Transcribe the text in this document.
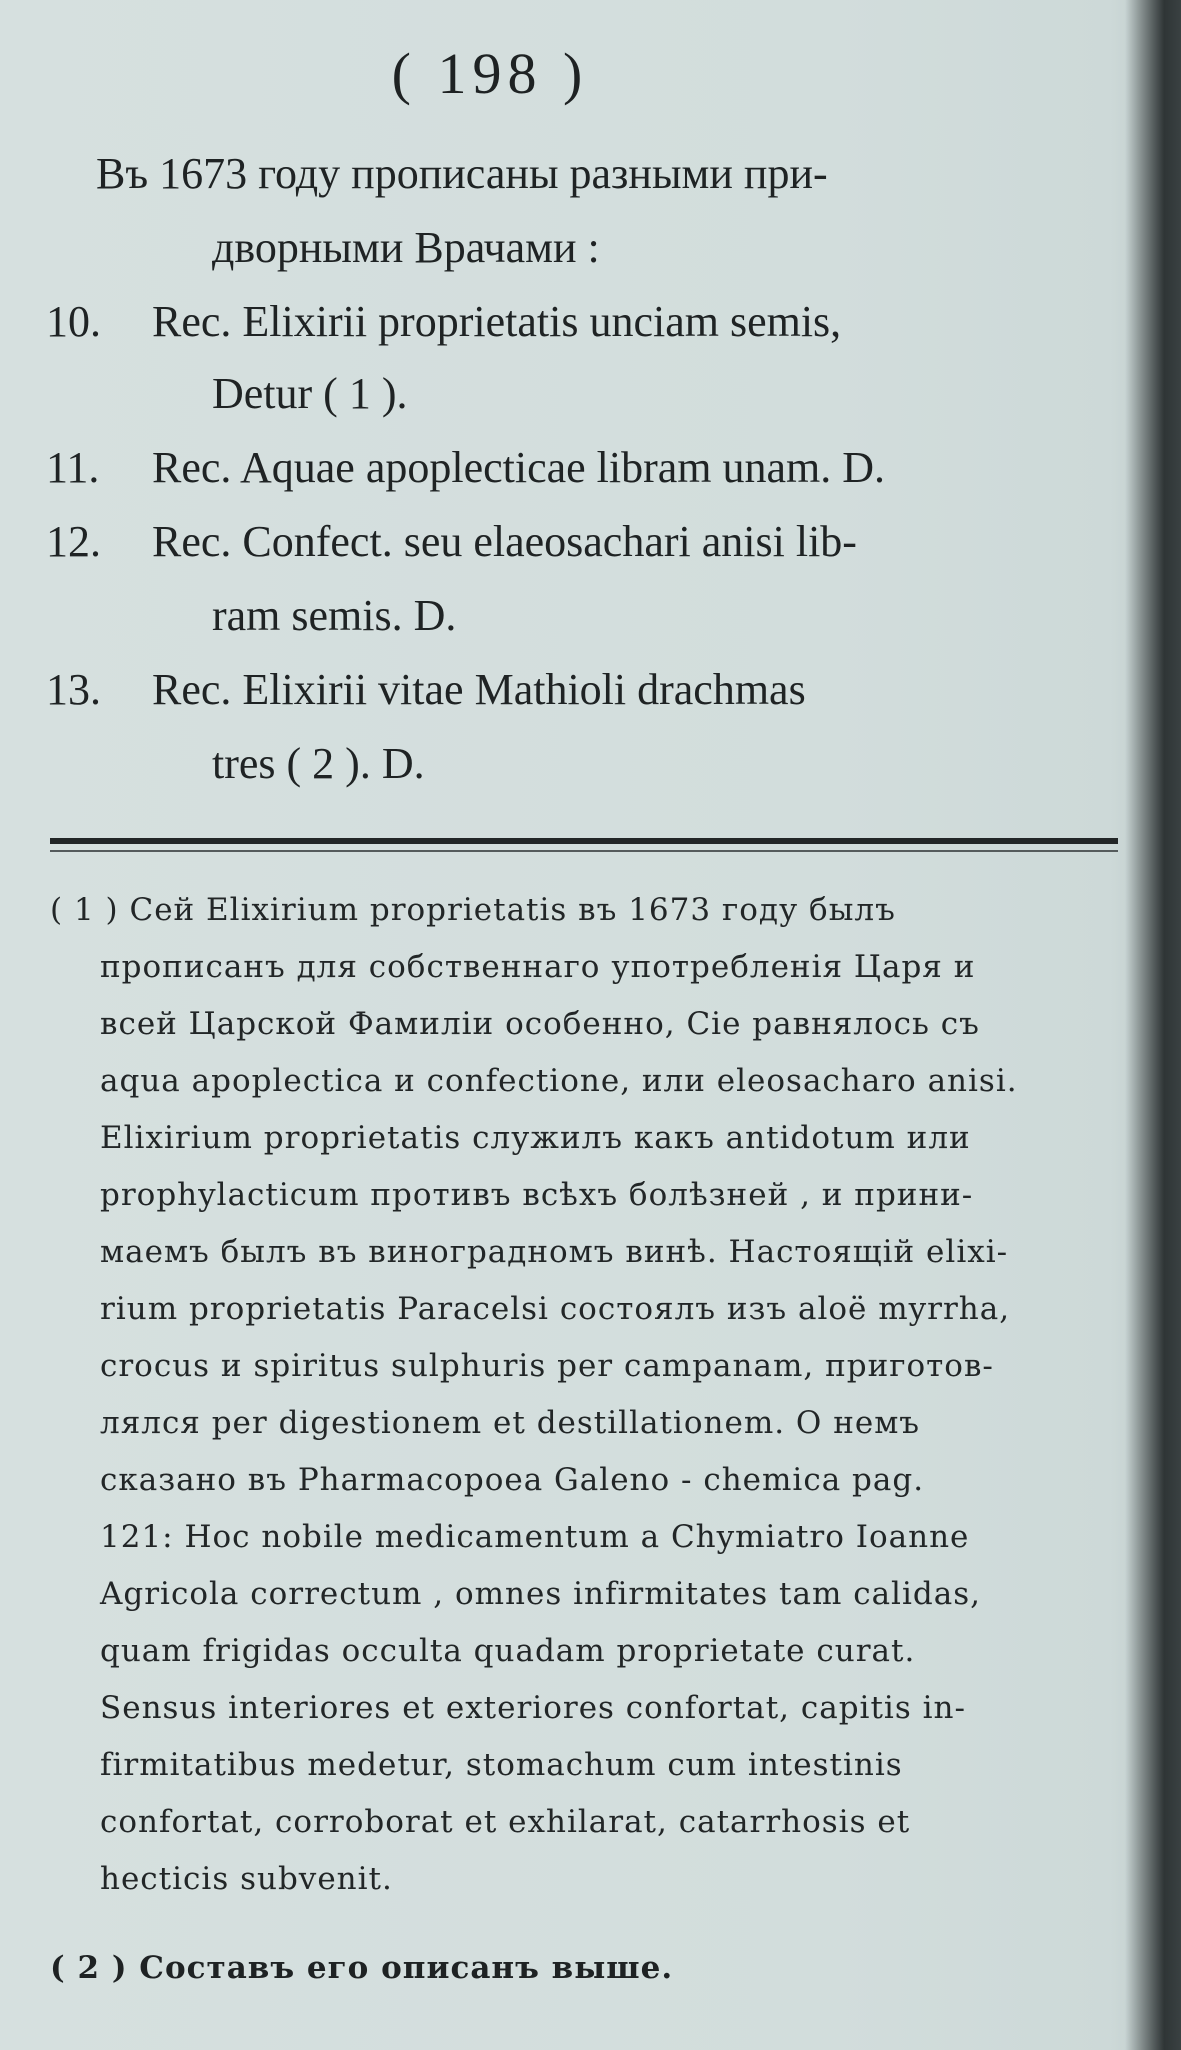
( 198 )
Въ 1673 году прописаны разными при-
дворными Врачами :
10. Rec. Elixirii proprietatis unciam semis,
Detur ( 1 ).
11. Rec. Aquae apoplecticae libram unam. D.
12. Rec. Confect. seu elaeosachari anisi lib-
ram semis. D.
13. Rec. Elixirii vitae Mathioli drachmas
tres ( 2 ). D.
( 1 ) Сей Elixirium proprietatis въ 1673 году былъ
прописанъ для собственнаго употребленія Царя и
всей Царской Фамиліи особенно, Сіе равнялось съ
aqua apoplectica и confectione, или eleosacharo anisi.
Elixirium proprietatis служилъ какъ antidotum или
prophylacticum противъ всѣхъ болѣзней , и прини-
маемъ былъ въ виноградномъ винѣ. Настоящій elixi-
rium proprietatis Paracelsi состоялъ изъ aloë myrrha,
crocus и spiritus sulphuris per campanam, приготов-
лялся per digestionem et destillationem. О немъ
сказано въ Pharmacopoea Galeno - chemica pag.
121: Hoc nobile medicamentum a Chymiatro Ioanne
Agricola correctum , omnes infirmitates tam calidas,
quam frigidas occulta quadam proprietate curat.
Sensus interiores et exteriores confortat, capitis in-
firmitatibus medetur, stomachum cum intestinis
confortat, corroborat et exhilarat, catarrhosis et
hecticis subvenit.
( 2 ) Составъ его описанъ выше.
